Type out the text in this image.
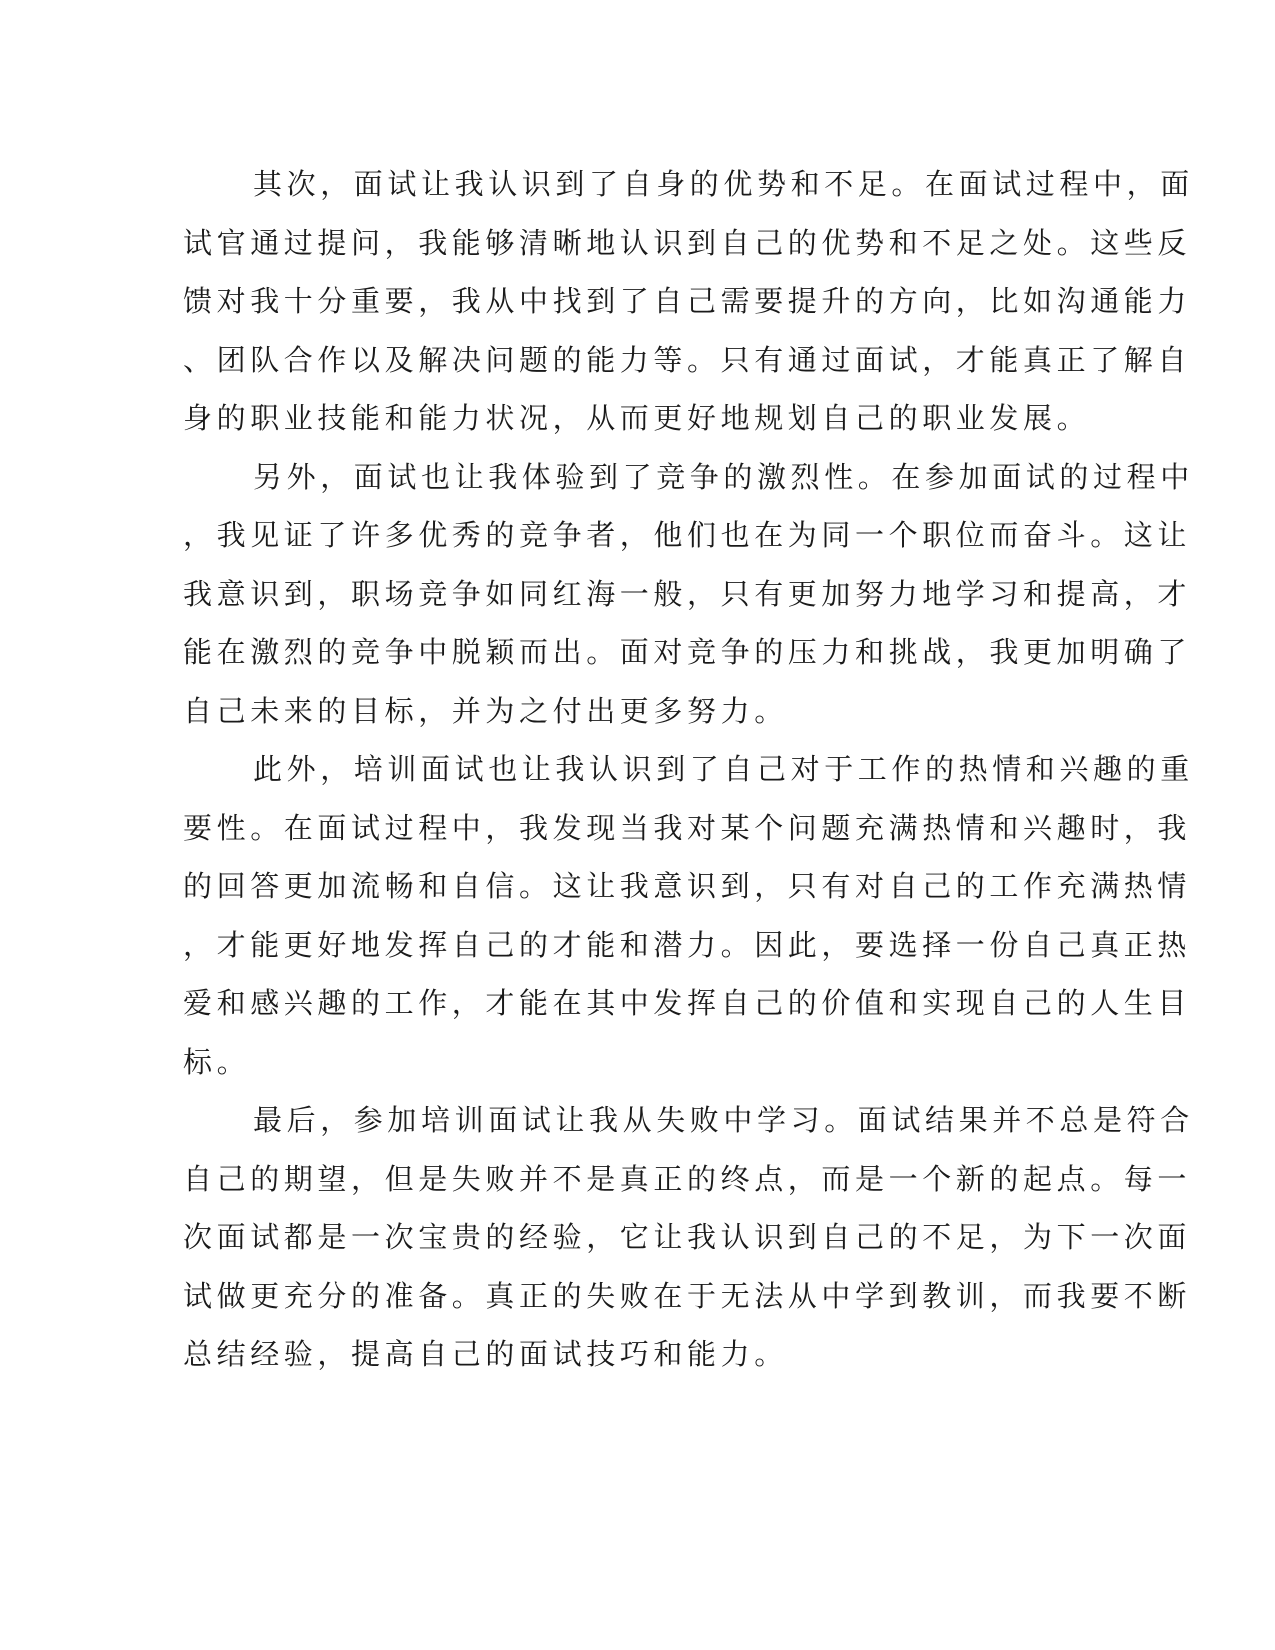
其次，面试让我认识到了自身的优势和不足。在面试过程中，面
试官通过提问，我能够清晰地认识到自己的优势和不足之处。这些反
馈对我十分重要，我从中找到了自己需要提升的方向，比如沟通能力
、团队合作以及解决问题的能力等。只有通过面试，才能真正了解自
身的职业技能和能力状况，从而更好地规划自己的职业发展。
另外，面试也让我体验到了竞争的激烈性。在参加面试的过程中
，我见证了许多优秀的竞争者，他们也在为同一个职位而奋斗。这让
我意识到，职场竞争如同红海一般，只有更加努力地学习和提高，才
能在激烈的竞争中脱颖而出。面对竞争的压力和挑战，我更加明确了
自己未来的目标，并为之付出更多努力。
此外，培训面试也让我认识到了自己对于工作的热情和兴趣的重
要性。在面试过程中，我发现当我对某个问题充满热情和兴趣时，我
的回答更加流畅和自信。这让我意识到，只有对自己的工作充满热情
，才能更好地发挥自己的才能和潜力。因此，要选择一份自己真正热
爱和感兴趣的工作，才能在其中发挥自己的价值和实现自己的人生目
标。
最后，参加培训面试让我从失败中学习。面试结果并不总是符合
自己的期望，但是失败并不是真正的终点，而是一个新的起点。每一
次面试都是一次宝贵的经验，它让我认识到自己的不足，为下一次面
试做更充分的准备。真正的失败在于无法从中学到教训，而我要不断
总结经验，提高自己的面试技巧和能力。
